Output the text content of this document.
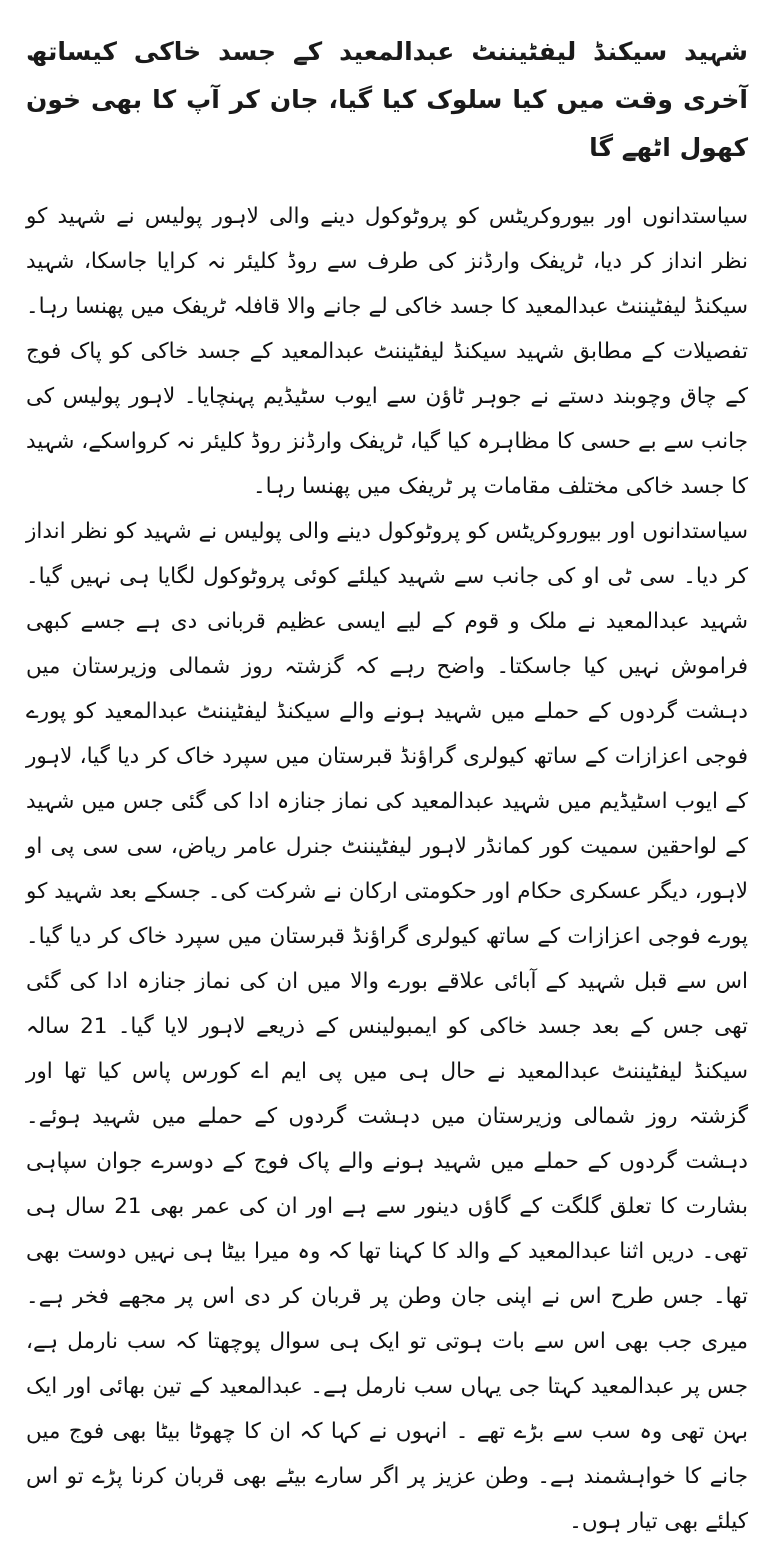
شہید سیکنڈ لیفٹیننٹ عبدالمعید کے جسد خاکی کیساتھ آخری وقت میں کیا سلوک کیا گیا، جان کر آپ کا بھی خون کھول اٹھے گا

سیاستدانوں اور بیوروکریٹس کو پروٹوکول دینے والی لاہور پولیس نے شہید کو نظر انداز کر دیا، ٹریفک وارڈنز کی طرف سے روڈ کلیئر نہ کرایا جاسکا، شہید سیکنڈ لیفٹیننٹ عبدالمعید کا جسد خاکی لے جانے والا قافلہ ٹریفک میں پھنسا رہا۔ تفصیلات کے مطابق شہید سیکنڈ لیفٹیننٹ عبدالمعید کے جسد خاکی کو پاک فوج کے چاق وچوبند دستے نے جوہر ٹاؤن سے ایوب سٹیڈیم پہنچایا۔ لاہور پولیس کی جانب سے بے حسی کا مظاہرہ کیا گیا، ٹریفک وارڈنز روڈ کلیئر نہ کرواسکے، شہید کا جسد خاکی مختلف مقامات پر ٹریفک میں پھنسا رہا۔

سیاستدانوں اور بیوروکریٹس کو پروٹوکول دینے والی پولیس نے شہید کو نظر انداز کر دیا۔ سی ٹی او کی جانب سے شہید کیلئے کوئی پروٹوکول لگایا ہی نہیں گیا۔ شہید عبدالمعید نے ملک و قوم کے لیے ایسی عظیم قربانی دی ہے جسے کبھی فراموش نہیں کیا جاسکتا۔ واضح رہے کہ گزشتہ روز شمالی وزیرستان میں دہشت گردوں کے حملے میں شہید ہونے والے سیکنڈ لیفٹیننٹ عبدالمعید کو پورے فوجی اعزازات کے ساتھ کیولری گراؤنڈ قبرستان میں سپرد خاک کر دیا گیا، لاہور کے ایوب اسٹیڈیم میں شہید عبدالمعید کی نماز جنازہ ادا کی گئی جس میں شہید کے لواحقین سمیت کور کمانڈر لاہور لیفٹیننٹ جنرل عامر ریاض، سی سی پی او لاہور، دیگر عسکری حکام اور حکومتی ارکان نے شرکت کی۔ جسکے بعد شہید کو پورے فوجی اعزازات کے ساتھ کیولری گراؤنڈ قبرستان میں سپرد خاک کر دیا گیا۔ اس سے قبل شہید کے آبائی علاقے بورے والا میں ان کی نماز جنازہ ادا کی گئی تھی جس کے بعد جسد خاکی کو ایمبولینس کے ذریعے لاہور لایا گیا۔ 21 سالہ سیکنڈ لیفٹیننٹ عبدالمعید نے حال ہی میں پی ایم اے کورس پاس کیا تھا اور گزشتہ روز شمالی وزیرستان میں دہشت گردوں کے حملے میں شہید ہوئے۔ دہشت گردوں کے حملے میں شہید ہونے والے پاک فوج کے دوسرے جوان سپاہی بشارت کا تعلق گلگت کے گاؤں دینور سے ہے اور ان کی عمر بھی 21 سال ہی تھی۔ دریں اثنا عبدالمعید کے والد کا کہنا تھا کہ وہ میرا بیٹا ہی نہیں دوست بھی تھا۔ جس طرح اس نے اپنی جان وطن پر قربان کر دی اس پر مجھے فخر ہے۔ میری جب بھی اس سے بات ہوتی تو ایک ہی سوال پوچھتا کہ سب نارمل ہے، جس پر عبدالمعید کہتا جی یہاں سب نارمل ہے۔ عبدالمعید کے تین بھائی اور ایک بہن تھی وہ سب سے بڑے تھے ۔ انہوں نے کہا کہ ان کا چھوٹا بیٹا بھی فوج میں جانے کا خواہشمند ہے۔ وطن عزیز پر اگر سارے بیٹے بھی قربان کرنا پڑے تو اس کیلئے بھی تیار ہوں۔
